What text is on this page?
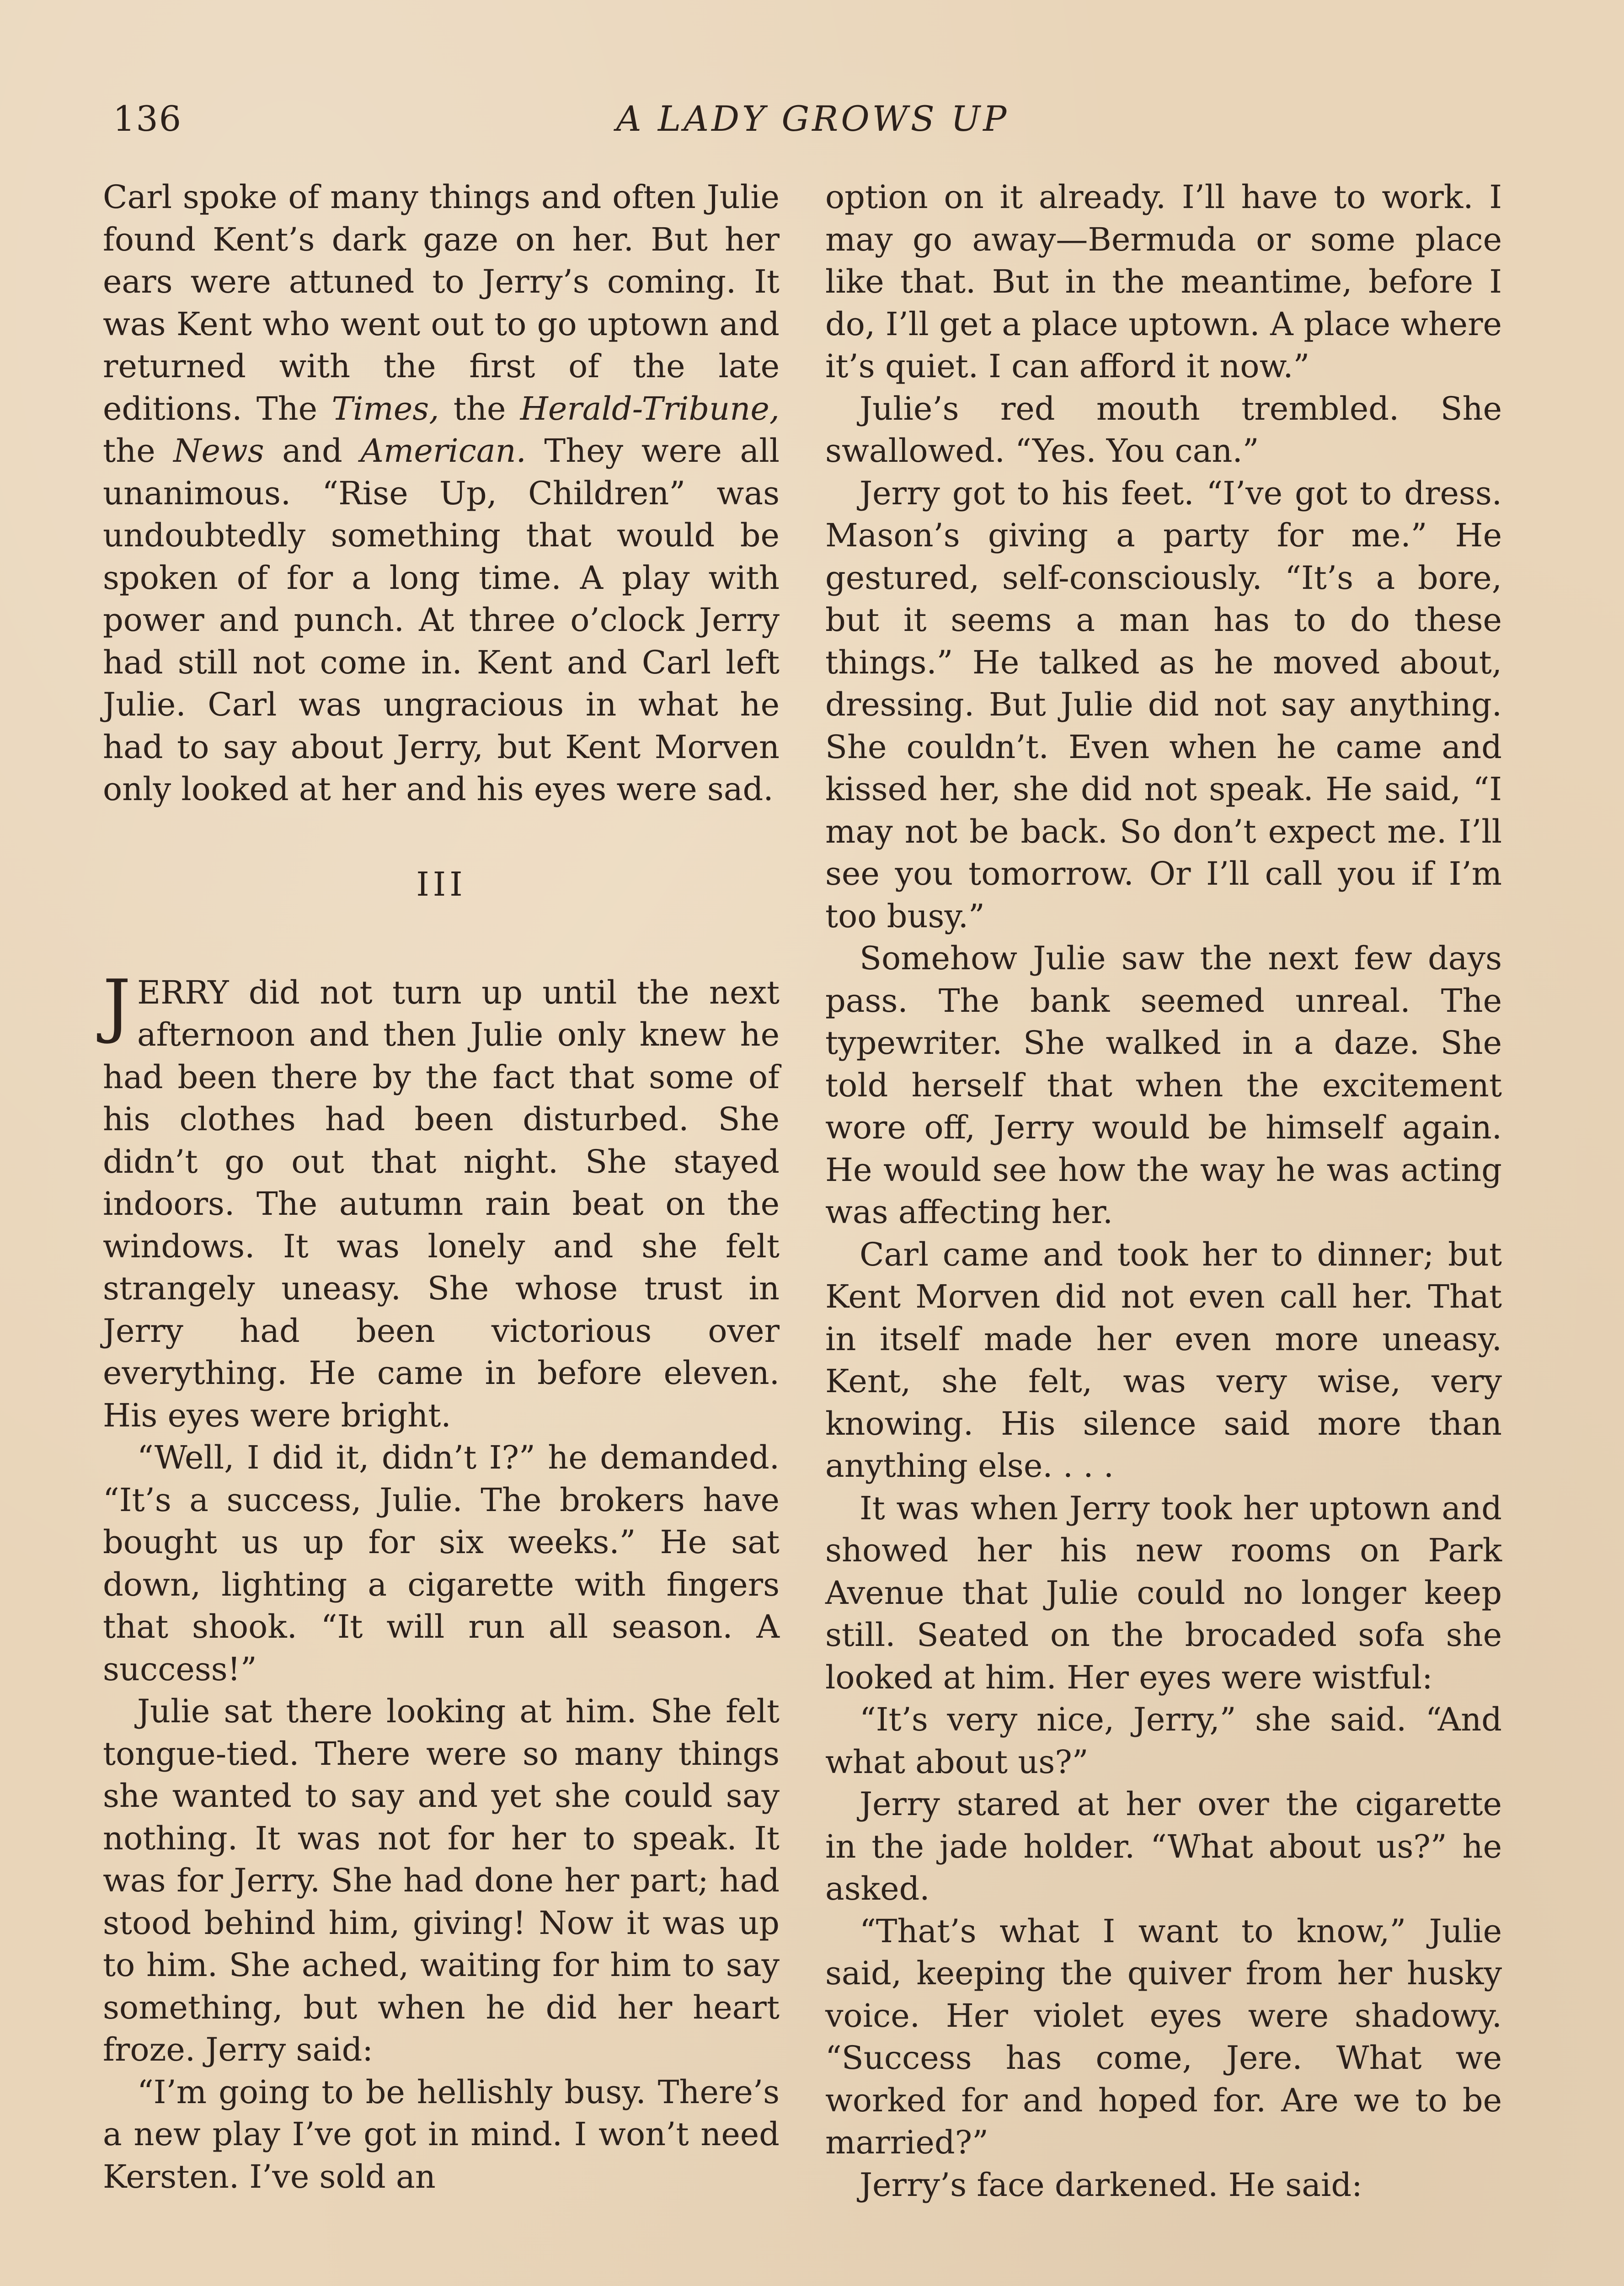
136	A LADY GROWS UP

Carl spoke of many things and often Julie found Kent’s dark gaze on her. But her ears were attuned to Jerry’s coming. It was Kent who went out to go uptown and returned with the first of the late editions. The Times, the Herald-Tribune, the News and American. They were all unanimous. “Rise Up, Children” was undoubtedly something that would be spoken of for a long time. A play with power and punch. At three o’clock Jerry had still not come in. Kent and Carl left Julie. Carl was ungracious in what he had to say about Jerry, but Kent Morven only looked at her and his eyes were sad.

III

JERRY did not turn up until the next afternoon and then Julie only knew he had been there by the fact that some of his clothes had been disturbed. She didn’t go out that night. She stayed indoors. The autumn rain beat on the windows. It was lonely and she felt strangely uneasy. She whose trust in Jerry had been victorious over everything. He came in before eleven. His eyes were bright.

“Well, I did it, didn’t I?” he demanded. “It’s a success, Julie. The brokers have bought us up for six weeks.” He sat down, lighting a cigarette with fingers that shook. “It will run all season. A success!”

Julie sat there looking at him. She felt tongue-tied. There were so many things she wanted to say and yet she could say nothing. It was not for her to speak. It was for Jerry. She had done her part; had stood behind him, giving! Now it was up to him. She ached, waiting for him to say something, but when he did her heart froze. Jerry said:

“I’m going to be hellishly busy. There’s a new play I’ve got in mind. I won’t need Kersten. I’ve sold an

option on it already. I’ll have to work. I may go away—Bermuda or some place like that. But in the meantime, before I do, I’ll get a place uptown. A place where it’s quiet. I can afford it now.”

Julie’s red mouth trembled. She swallowed. “Yes. You can.”

Jerry got to his feet. “I’ve got to dress. Mason’s giving a party for me.” He gestured, self-consciously. “It’s a bore, but it seems a man has to do these things.” He talked as he moved about, dressing. But Julie did not say anything. She couldn’t. Even when he came and kissed her, she did not speak. He said, “I may not be back. So don’t expect me. I’ll see you tomorrow. Or I’ll call you if I’m too busy.”

Somehow Julie saw the next few days pass. The bank seemed unreal. The typewriter. She walked in a daze. She told herself that when the excitement wore off, Jerry would be himself again. He would see how the way he was acting was affecting her.

Carl came and took her to dinner; but Kent Morven did not even call her. That in itself made her even more uneasy. Kent, she felt, was very wise, very knowing. His silence said more than anything else. . . .

It was when Jerry took her uptown and showed her his new rooms on Park Avenue that Julie could no longer keep still. Seated on the brocaded sofa she looked at him. Her eyes were wistful:

“It’s very nice, Jerry,” she said. “And what about us?”

Jerry stared at her over the cigarette in the jade holder. “What about us?” he asked.

“That’s what I want to know,” Julie said, keeping the quiver from her husky voice. Her violet eyes were shadowy. “Success has come, Jere. What we worked for and hoped for. Are we to be married?”

Jerry’s face darkened. He said:
